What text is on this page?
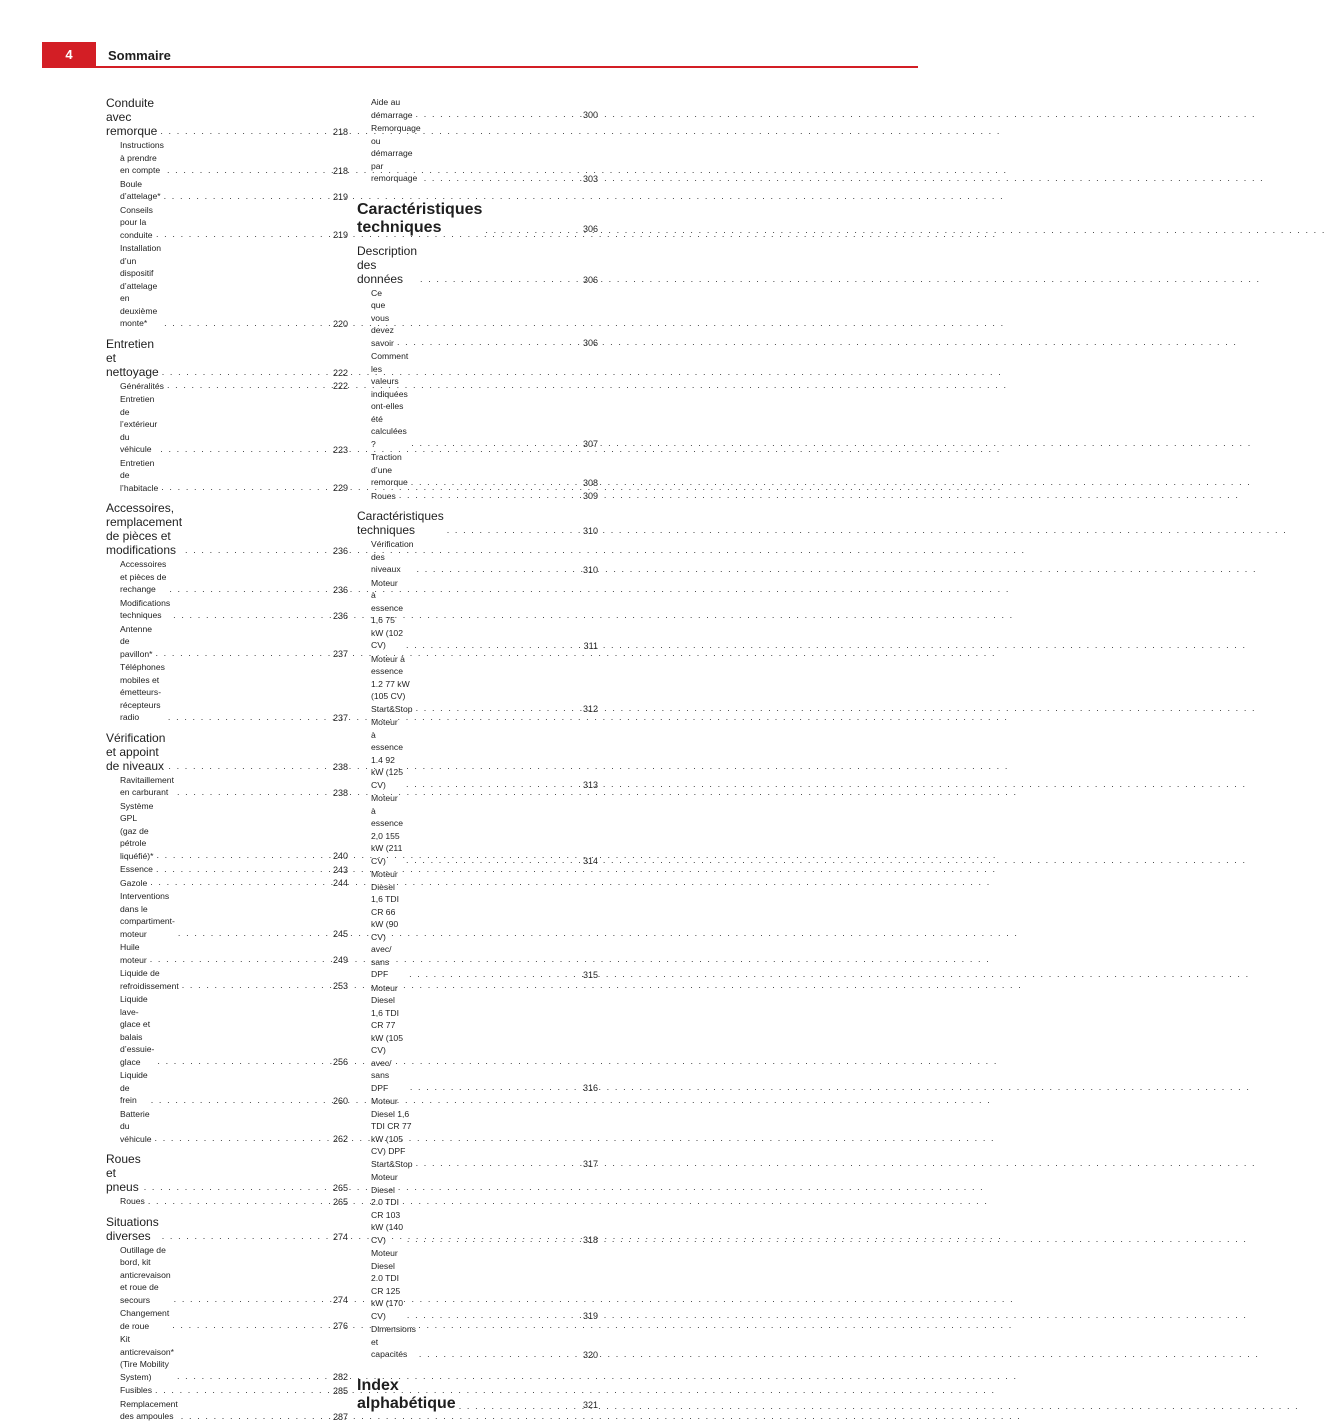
4	Sommaire
Conduite avec remorque . . .	218
Instructions à prendre en compte . . .	218
Boule d’attelage* . . .	219
Conseils pour la conduite . . .	219
Installation d’un dispositif d’attelage en
deuxième monte* . . .	220
Entretien et nettoyage . . .	222
Généralités . . .	222
Entretien de l’extérieur du véhicule . . .	223
Entretien de l’habitacle . . .	229
Accessoires, remplacement de pièces et
modifications . . .	236
Accessoires et pièces de rechange . . .	236
Modifications techniques . . .	236
Antenne de pavillon* . . .	237
Téléphones mobiles et émetteurs-récepteurs
radio . . .	237
Vérification et appoint de niveaux . . .	238
Ravitaillement en carburant . . .	238
Système GPL (gaz de pétrole liquéfié)* . . .	240
Essence . . .	243
Gazole . . .	244
Interventions dans le compartiment-moteur . . .	245
Huile moteur . . .	249
Liquide de refroidissement . . .	253
Liquide lave-glace et balais d’essuie-glace . . .	256
Liquide de frein . . .	260
Batterie du véhicule . . .	262
Roues et pneus . . .	265
Roues . . .	265
Situations diverses . . .	274
Outillage de bord, kit anticrevaison et roue de
secours . . .	274
Changement de roue . . .	276
Kit anticrevaison* (Tire Mobility System) . . .	282
Fusibles . . .	285
Remplacement des ampoules . . .	287
Aide au démarrage . . .	300
Remorquage ou démarrage par remorquage . . .	303
Caractéristiques techniques . . .	306
Description des données . . .	306
Ce que vous devez savoir . . .	306
Comment les valeurs indiquées ont-elles été
calculées ? . . .	307
Traction d’une remorque . . .	308
Roues . . .	309
Caractéristiques techniques . . .	310
Vérification des niveaux . . .	310
Moteur à essence 1,6 75 kW (102 CV) . . .	311
Moteur à essence 1.2 77 kW (105 CV)
Start&Stop . . .	312
Moteur à essence 1.4 92 kW (125 CV) . . .	313
Moteur à essence 2,0 155 kW (211 CV) . . .	314
Moteur Diesel 1,6 TDI CR 66 kW (90 CV) avec/
sans DPF . . .	315
Moteur Diesel 1,6 TDI CR 77 kW (105 CV) avec/
sans DPF . . .	316
Moteur Diesel 1,6 TDI CR 77 kW (105 CV) DPF
Start&Stop . . .	317
Moteur Diesel 2.0 TDI CR 103 kW (140 CV) . . .	318
Moteur Diesel 2.0 TDI CR 125 kW (170 CV) . . .	319
Dimensions et capacités . . .	320
Index alphabétique . . .	321
